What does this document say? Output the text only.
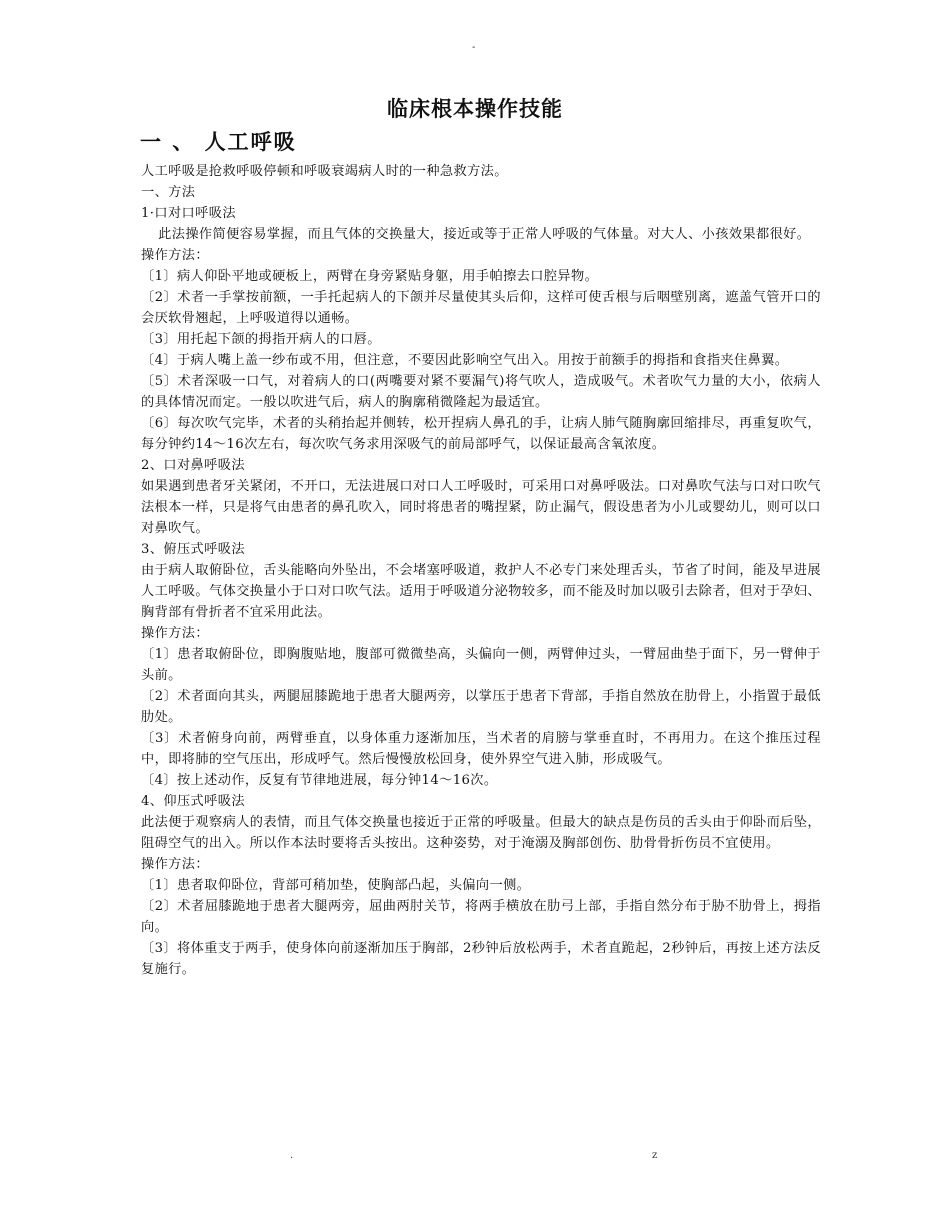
-
临床根本操作技能
一 、 人工呼吸

人工呼吸是抢救呼吸停顿和呼吸衰竭病人时的一种急救方法。

一、方法

1·口对口呼吸法

此法操作简便容易掌握，而且气体的交换量大，接近或等于正常人呼吸的气体量。对大人、小孩效果都很好。

操作方法：

〔1〕病人仰卧平地或硬板上，两臂在身旁紧贴身躯，用手帕擦去口腔异物。

〔2〕术者一手掌按前额，一手托起病人的下颌并尽量使其头后仰，这样可使舌根与后咽壁别离，遮盖气管开口的会厌软骨翘起，上呼吸道得以通畅。

〔3〕用托起下颌的拇指开病人的口唇。

〔4〕于病人嘴上盖一纱布或不用，但注意，不要因此影响空气出入。用按于前额手的拇指和食指夹住鼻翼。

〔5〕术者深吸一口气，对着病人的口(两嘴要对紧不要漏气)将气吹人，造成吸气。术者吹气力量的大小，依病人的具体情况而定。一般以吹进气后，病人的胸廓稍微隆起为最适宜。

〔6〕每次吹气完毕，术者的头稍抬起并侧转，松开捏病人鼻孔的手，让病人肺气随胸廓回缩排尽，再重复吹气，每分钟约14～16次左右，每次吹气务求用深吸气的前局部呼气，以保证最高含氧浓度。

2、口对鼻呼吸法

如果遇到患者牙关紧闭，不开口，无法进展口对口人工呼吸时，可采用口对鼻呼吸法。口对鼻吹气法与口对口吹气法根本一样，只是将气由患者的鼻孔吹入，同时将患者的嘴捏紧，防止漏气，假设患者为小儿或婴幼儿，则可以口对鼻吹气。

3、俯压式呼吸法

由于病人取俯卧位，舌头能略向外坠出，不会堵塞呼吸道，救护人不必专门来处理舌头，节省了时间，能及早进展人工呼吸。气体交换量小于口对口吹气法。适用于呼吸道分泌物较多，而不能及时加以吸引去除者，但对于孕妇、胸背部有骨折者不宜采用此法。

操作方法：

〔1〕患者取俯卧位，即胸腹贴地，腹部可微微垫高，头偏向一侧，两臂伸过头，一臂屈曲垫于面下，另一臂伸于头前。

〔2〕术者面向其头，两腿屈膝跪地于患者大腿两旁，以掌压于患者下背部，手指自然放在肋骨上，小指置于最低肋处。

〔3〕术者俯身向前，两臂垂直，以身体重力逐渐加压，当术者的肩膀与掌垂直时，不再用力。在这个推压过程中，即将肺的空气压出，形成呼气。然后慢慢放松回身，使外界空气进入肺，形成吸气。

〔4〕按上述动作，反复有节律地进展，每分钟14～16次。

4、仰压式呼吸法

此法便于观察病人的表情，而且气体交换量也接近于正常的呼吸量。但最大的缺点是伤员的舌头由于仰卧而后坠，阻碍空气的出入。所以作本法时要将舌头按出。这种姿势，对于淹溺及胸部创伤、肋骨骨折伤员不宜使用。

操作方法：

〔1〕患者取仰卧位，背部可稍加垫，使胸部凸起，头偏向一侧。

〔2〕术者屈膝跪地于患者大腿两旁，屈曲两肘关节，将两手横放在肋弓上部，手指自然分布于胁不肋骨上，拇指向。

〔3〕将体重支于两手，使身体向前逐渐加压于胸部，2秒钟后放松两手，术者直跪起，2秒钟后，再按上述方法反复施行。

.	z
